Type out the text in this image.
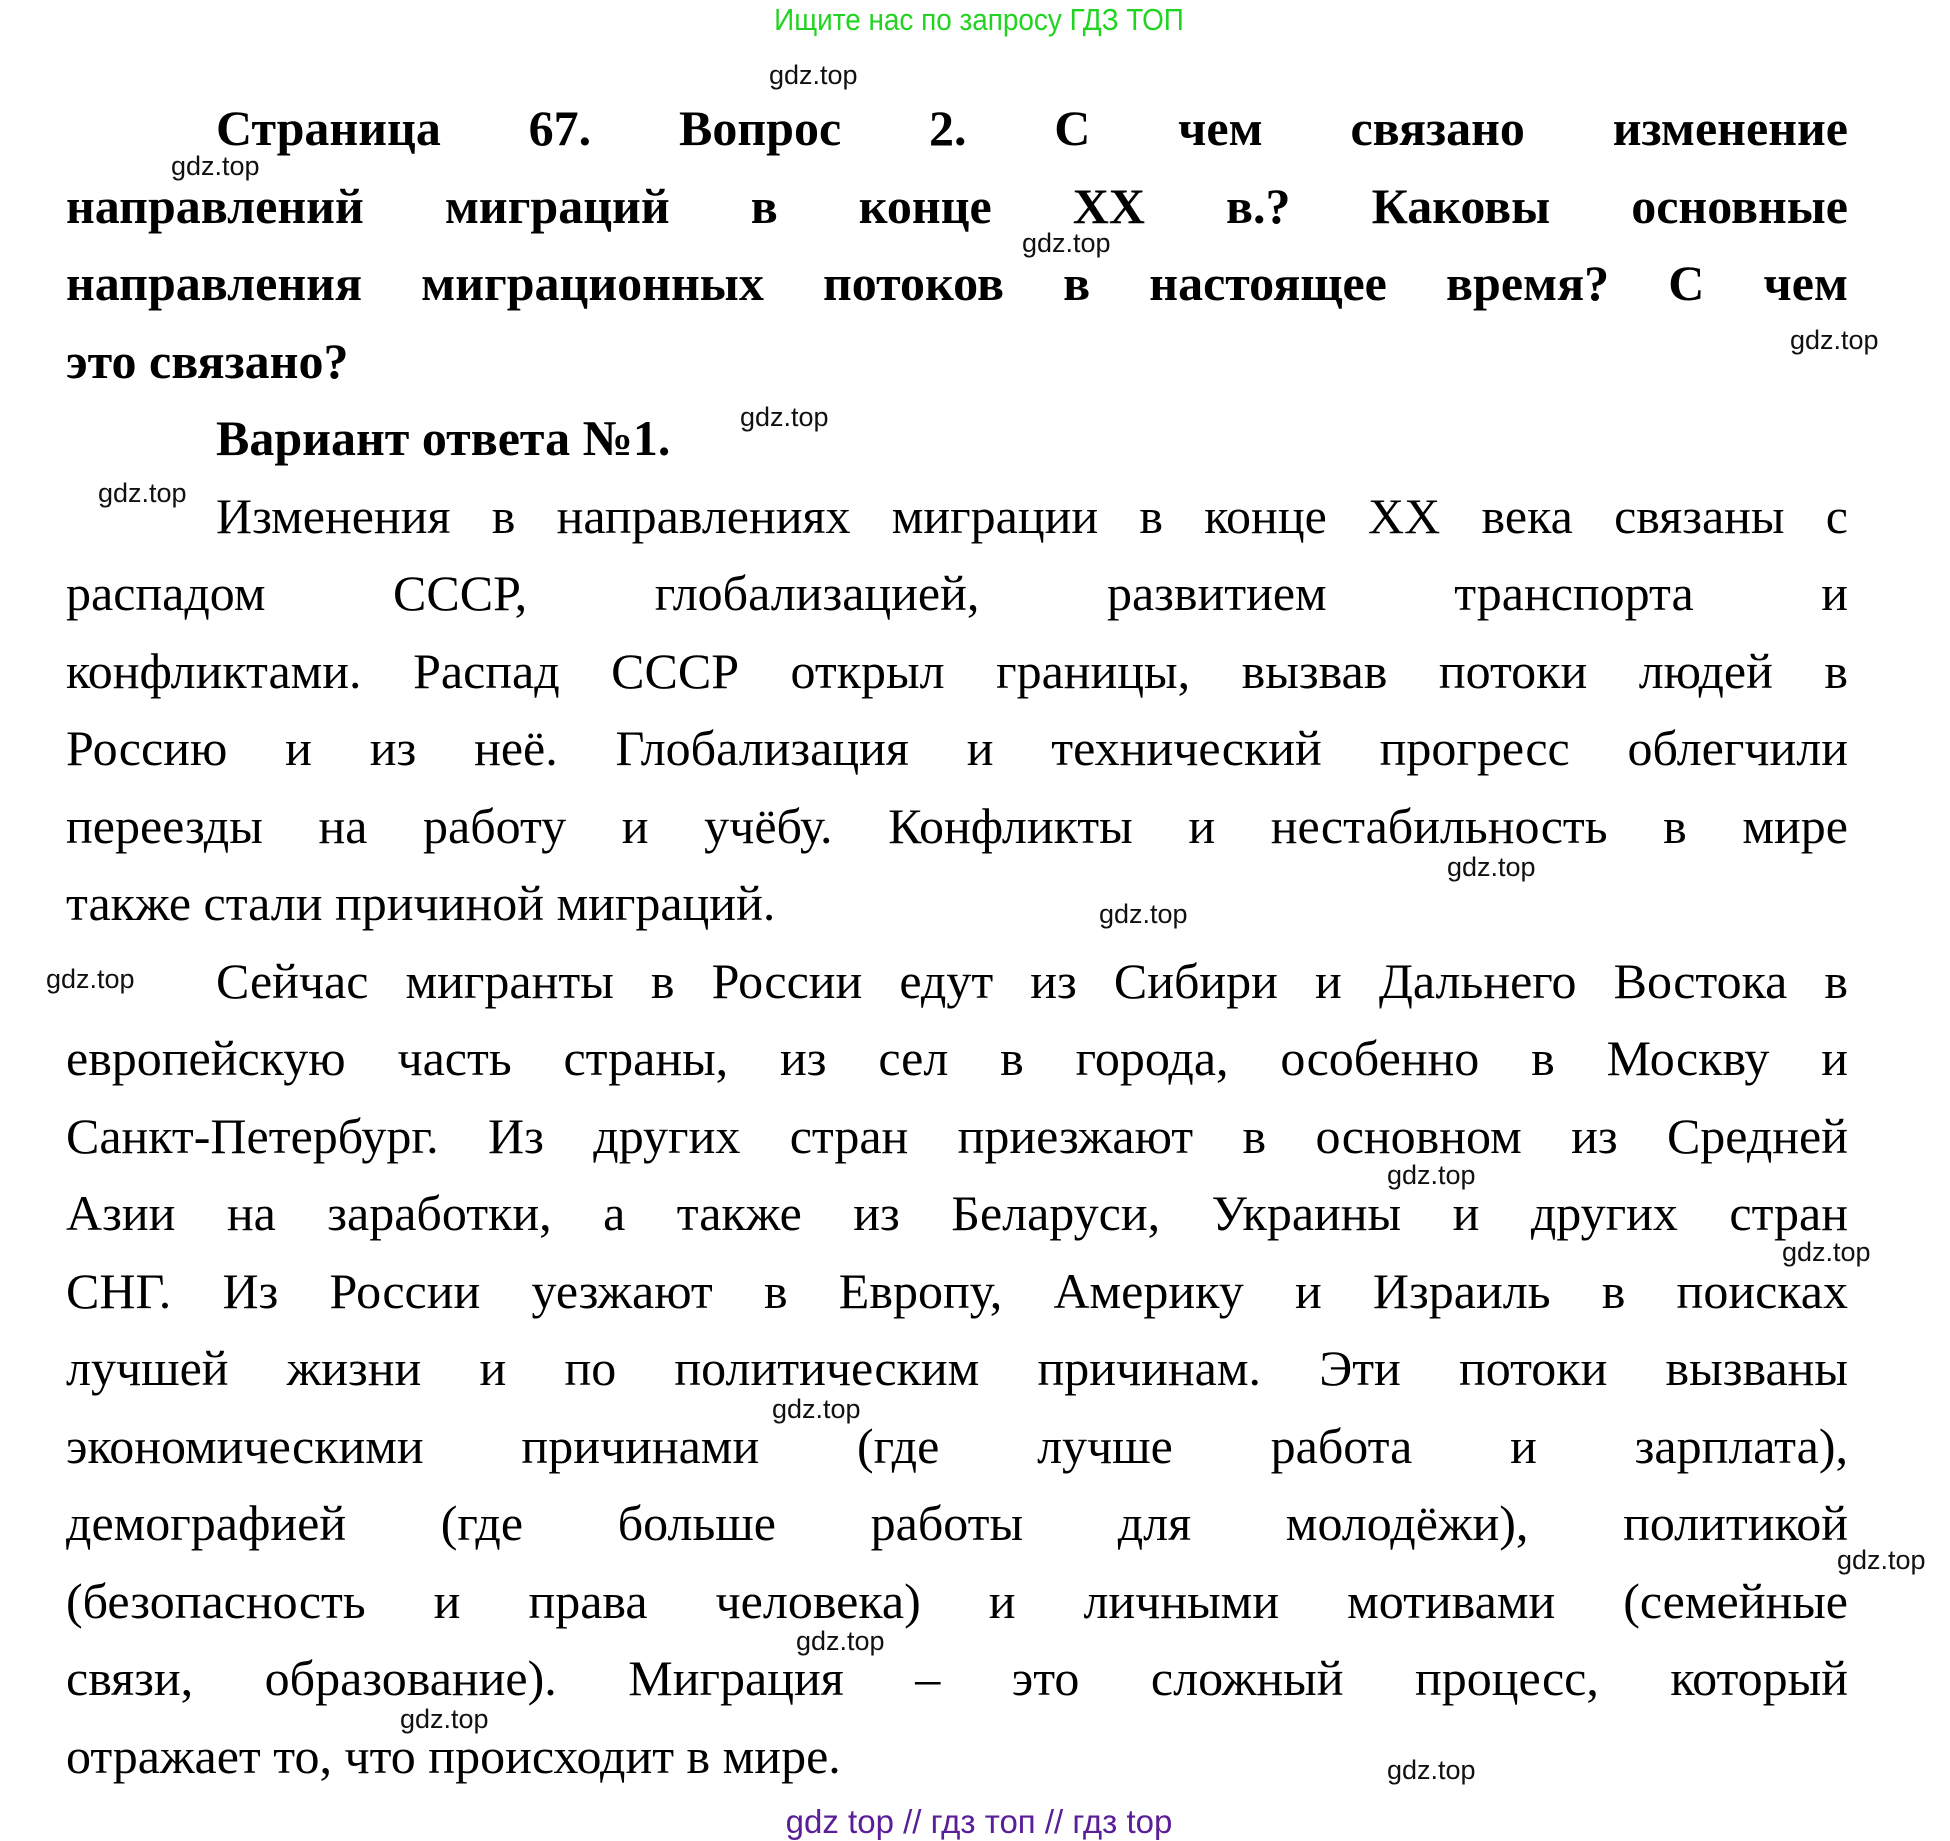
Ищите нас по запросу ГДЗ ТОП
Страница 67. Вопрос 2. С чем связано изменение
направлений миграций в конце XX в.? Каковы основные
направления миграционных потоков в настоящее время? С чем
это связано?
Вариант ответа №1.
Изменения в направлениях миграции в конце XX века связаны с
распадом СССР, глобализацией, развитием транспорта и
конфликтами. Распад СССР открыл границы, вызвав потоки людей в
Россию и из неё. Глобализация и технический прогресс облегчили
переезды на работу и учёбу. Конфликты и нестабильность в мире
также стали причиной миграций.
Сейчас мигранты в России едут из Сибири и Дальнего Востока в
европейскую часть страны, из сел в города, особенно в Москву и
Санкт-Петербург. Из других стран приезжают в основном из Средней
Азии на заработки, а также из Беларуси, Украины и других стран
СНГ. Из России уезжают в Европу, Америку и Израиль в поисках
лучшей жизни и по политическим причинам. Эти потоки вызваны
экономическими причинами (где лучше работа и зарплата),
демографией (где больше работы для молодёжи), политикой
(безопасность и права человека) и личными мотивами (семейные
связи, образование). Миграция – это сложный процесс, который
отражает то, что происходит в мире.
gdz.top
gdz.top
gdz.top
gdz.top
gdz.top
gdz.top
gdz.top
gdz.top
gdz.top
gdz.top
gdz.top
gdz.top
gdz.top
gdz.top
gdz.top
gdz.top
gdz top // гдз топ // гдз top
